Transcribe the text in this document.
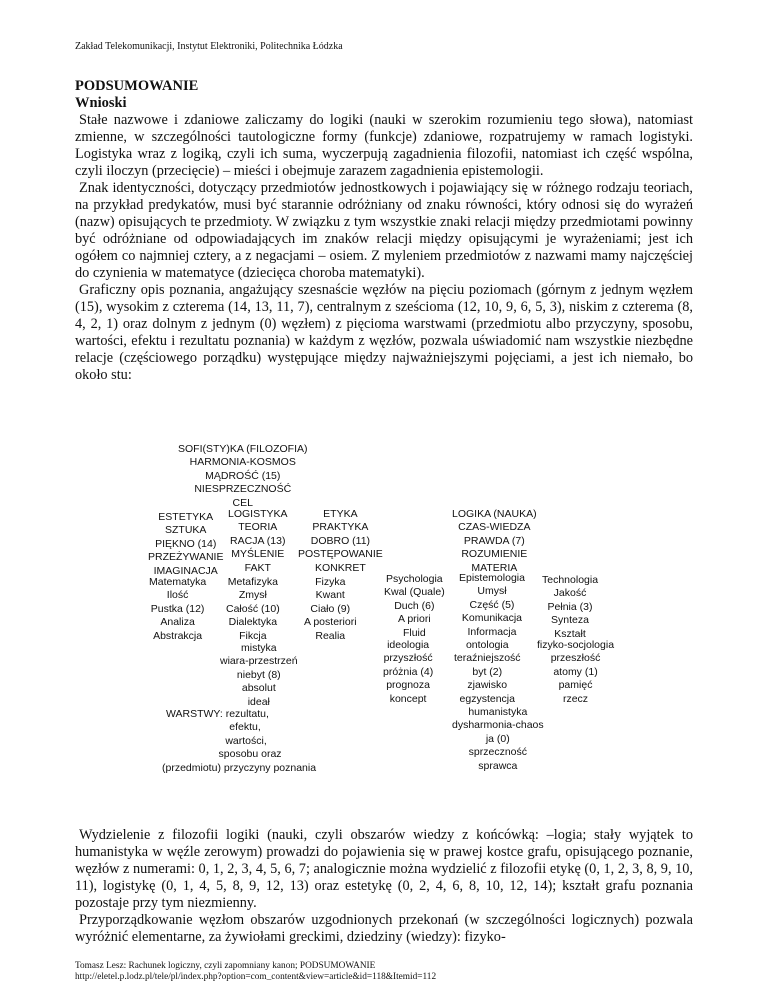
Zakład Telekomunikacji, Instytut Elektroniki, Politechnika Łódzka
PODSUMOWANIE
Wnioski

Stałe nazwowe i zdaniowe zaliczamy do logiki (nauki w szerokim rozumieniu tego słowa), natomiast zmienne, w szczególności tautologiczne formy (funkcje) zdaniowe, rozpatrujemy w ramach logistyki. Logistyka wraz z logiką, czyli ich suma, wyczerpują zagadnienia filozofii, natomiast ich część wspólna, czyli iloczyn (przecięcie) – mieści i obejmuje zarazem zagadnienia epistemologii.

Znak identyczności, dotyczący przedmiotów jednostkowych i pojawiający się w różnego rodzaju teoriach, na przykład predykatów, musi być starannie odróżniany od znaku równości, który odnosi się do wyrażeń (nazw) opisujących te przedmioty. W związku z tym wszystkie znaki relacji między przedmiotami powinny być odróżniane od odpowiadających im znaków relacji między opisującymi je wyrażeniami; jest ich ogółem co najmniej cztery, a z negacjami – osiem. Z myleniem przedmiotów z nazwami mamy najczęściej do czynienia w matematyce (dziecięca choroba matematyki).

Graficzny opis poznania, angażujący szesnaście węzłów na pięciu poziomach (górnym z jednym węzłem (15), wysokim z czterema (14, 13, 11, 7), centralnym z sześcioma (12, 10, 9, 6, 5, 3), niskim z czterema (8, 4, 2, 1) oraz dolnym z jednym (0) węzłem) z pięcioma warstwami (przedmiotu albo przyczyny, sposobu, wartości, efektu i rezultatu poznania) w każdym z węzłów, pozwala uświadomić nam wszystkie niezbędne relacje (częściowego porządku) występujące między najważniejszymi pojęciami, a jest ich niemało, bo około stu:

SOFI(STY)KA (FILOZOFIA)
HARMONIA-KOSMOS
MĄDROŚĆ (15)
NIESPRZECZNOŚĆ
CEL
ESTETYKA
SZTUKA
PIĘKNO (14)
PRZEŻYWANIE
IMAGINACJA
LOGISTYKA
TEORIA
RACJA (13)
MYŚLENIE
FAKT
ETYKA
PRAKTYKA
DOBRO (11)
POSTĘPOWANIE
KONKRET
LOGIKA (NAUKA)
CZAS-WIEDZA
PRAWDA (7)
ROZUMIENIE
MATERIA
Matematyka
Ilość
Pustka (12)
Analiza
Abstrakcja
Metafizyka
Zmysł
Całość (10)
Dialektyka
Fikcja
Fizyka
Kwant
Ciało (9)
A posteriori
Realia
Psychologia
Kwal (Quale)
Duch (6)
A priori
Fluid
Epistemologia
Umysł
Część (5)
Komunikacja
Informacja
Technologia
Jakość
Pełnia (3)
Synteza
Kształt
mistyka
wiara-przestrzeń
niebyt (8)
absolut
ideał
ideologia
przyszłość
próżnia (4)
prognoza
koncept
ontologia
teraźniejszość
byt (2)
zjawisko
egzystencja
fizyko-socjologia
przeszłość
atomy (1)
pamięć
rzecz
WARSTWY: rezultatu,
efektu,
wartości,
sposobu oraz
(przedmiotu) przyczyny poznania
humanistyka
dysharmonia-chaos
ja (0)
sprzeczność
sprawca

Wydzielenie z filozofii logiki (nauki, czyli obszarów wiedzy z końcówką: –logia; stały wyjątek to humanistyka w węźle zerowym) prowadzi do pojawienia się w prawej kostce grafu, opisującego poznanie, węzłów z numerami: 0, 1, 2, 3, 4, 5, 6, 7; analogicznie można wydzielić z filozofii etykę (0, 1, 2, 3, 8, 9, 10, 11), logistykę (0, 1, 4, 5, 8, 9, 12, 13) oraz estetykę (0, 2, 4, 6, 8, 10, 12, 14); kształt grafu poznania pozostaje przy tym niezmienny.

Przyporządkowanie węzłom obszarów uzgodnionych przekonań (w szczególności logicznych) pozwala wyróżnić elementarne, za żywiołami greckimi, dziedziny (wiedzy): fizyko-

Tomasz Lesz: Rachunek logiczny, czyli zapomniany kanon; PODSUMOWANIE
http://eletel.p.lodz.pl/tele/pl/index.php?option=com_content&view=article&id=118&Itemid=112
